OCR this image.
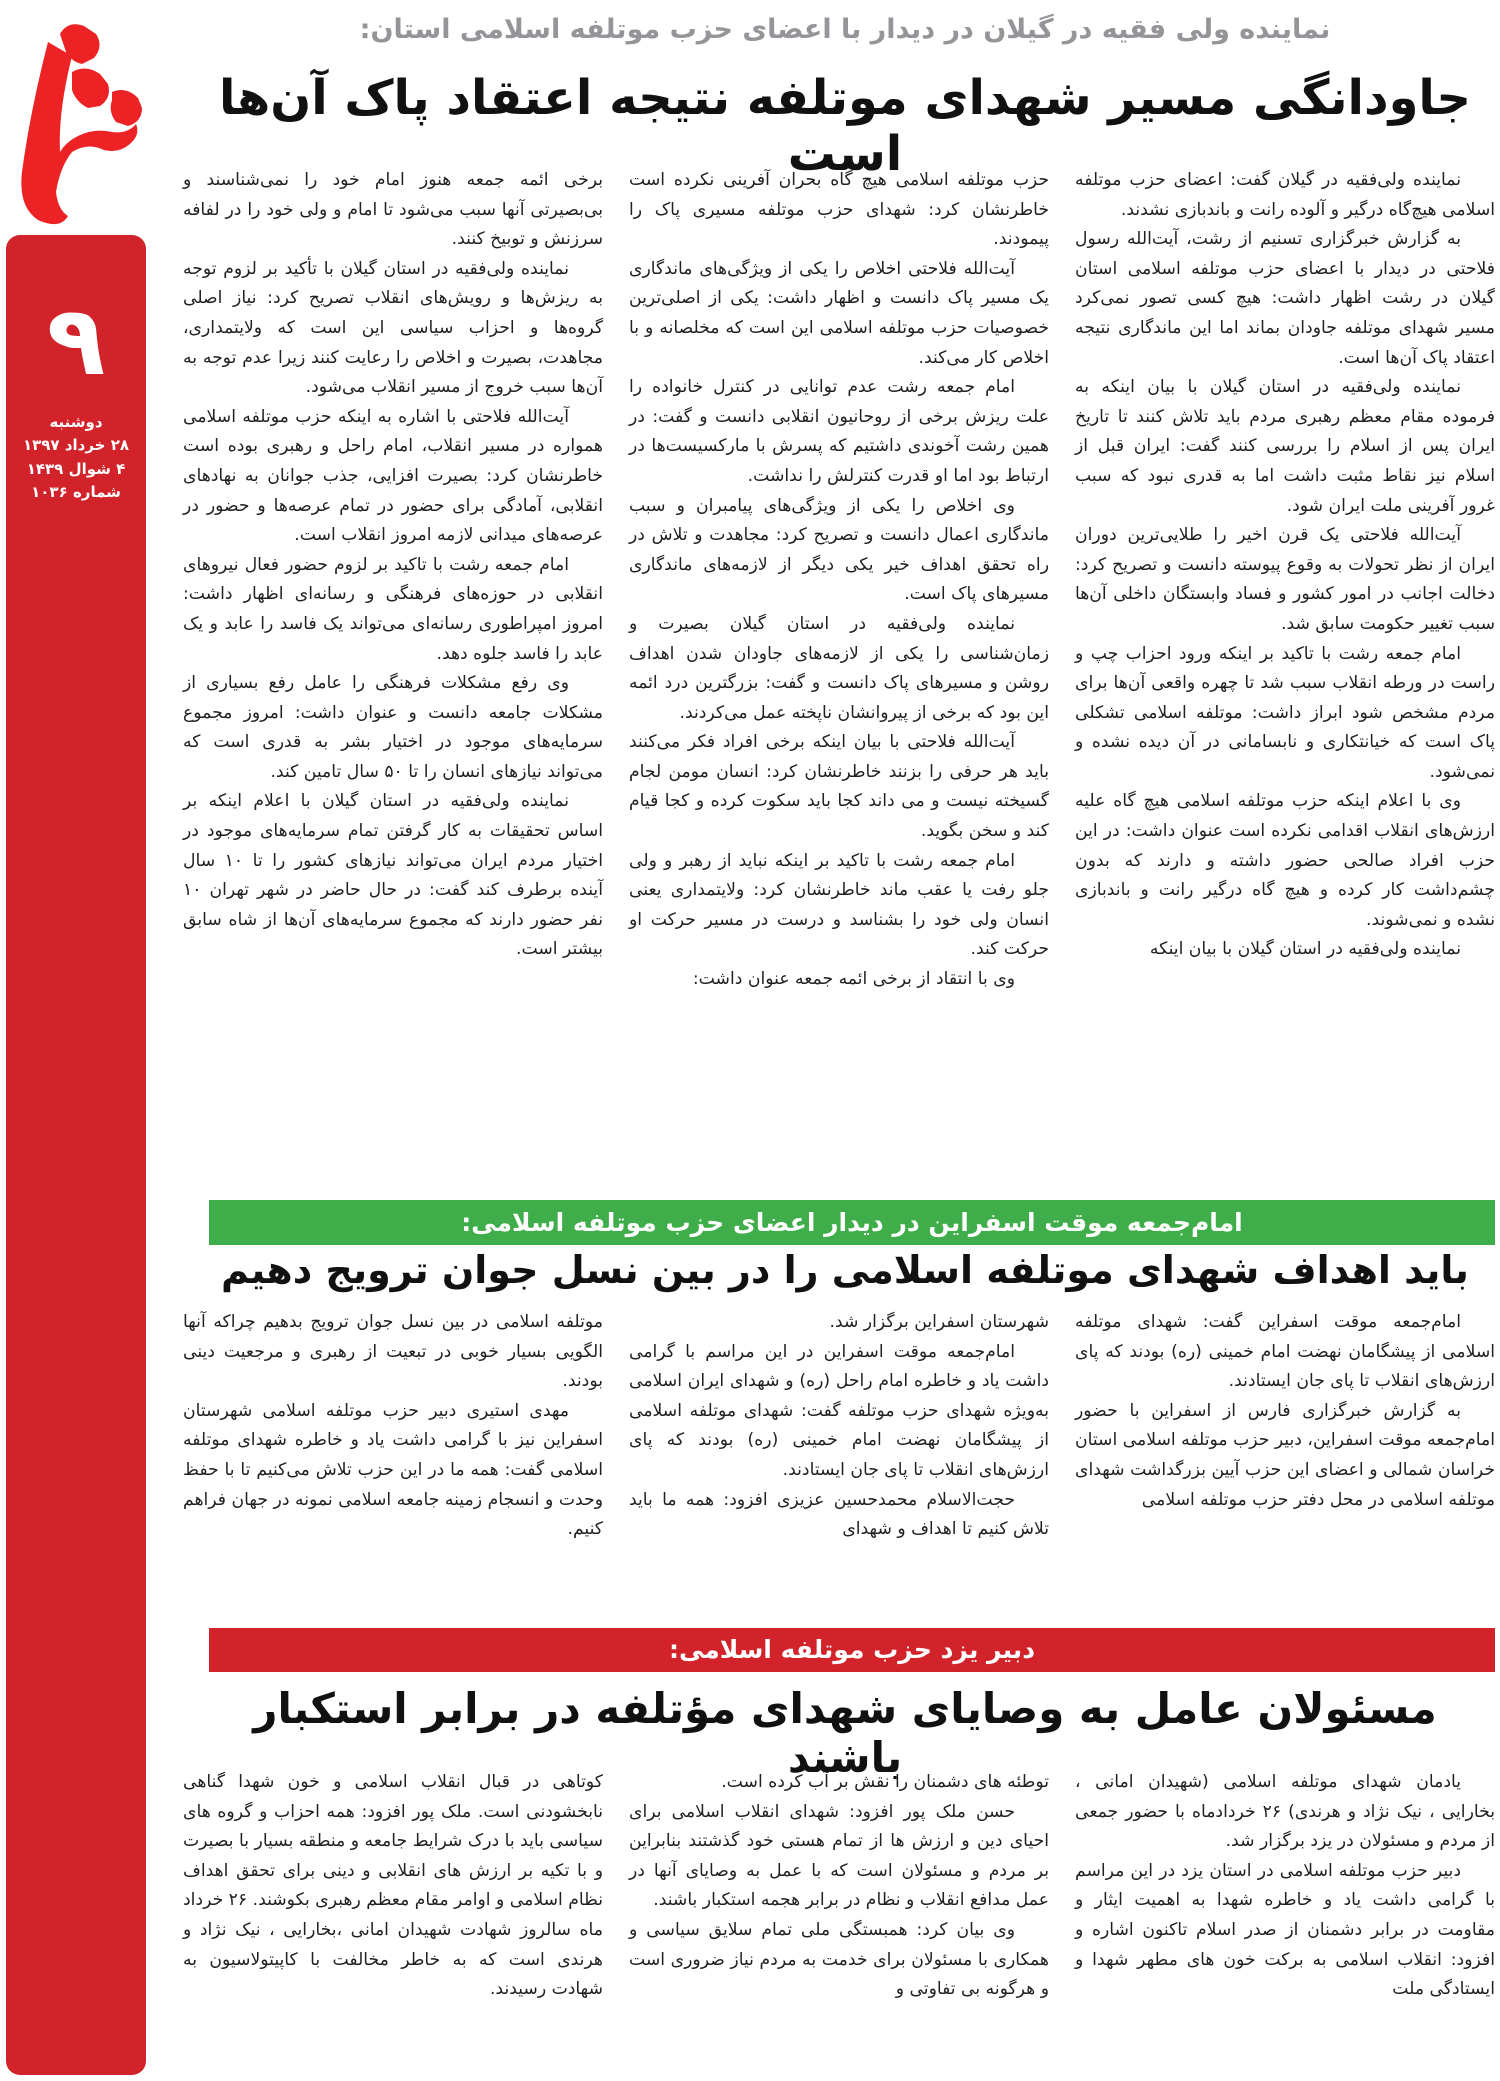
۹
دوشنبه
۲۸ خرداد ۱۳۹۷
۴ شوال ۱۴۳۹
شماره ۱۰۳۶
نماینده ولی فقیه در گیلان در دیدار با اعضای حزب موتلفه اسلامی استان:
جاودانگی مسیر شهدای موتلفه نتیجه اعتقاد پاک آن‌ها است	نماینده ولی‌فقیه در گیلان گفت: اعضای حزب موتلفه اسلامی هیچ‌گاه درگیر و آلوده رانت و باندبازی نشدند.

به گزارش خبرگزاری تسنیم از رشت، آیت‌الله رسول فلاحتی در دیدار با اعضای حزب موتلفه اسلامی استان گیلان در رشت اظهار داشت: هیچ کسی تصور نمی‌کرد مسیر شهدای موتلفه جاودان بماند اما این ماندگاری نتیجه اعتقاد پاک آن‌ها است.

نماینده ولی‌فقیه در استان گیلان با بیان اینکه به فرموده مقام معظم رهبری مردم باید تلاش کنند تا تاریخ ایران پس از اسلام را بررسی کنند گفت: ایران قبل از اسلام نیز نقاط مثبت داشت اما به قدری نبود که سبب غرور آفرینی ملت ایران شود.

آیت‌الله فلاحتی یک قرن اخیر را طلایی‌ترین دوران ایران از نظر تحولات به وقوع پیوسته دانست و تصریح کرد: دخالت اجانب در امور کشور و فساد وابستگان داخلی آن‌ها سبب تغییر حکومت سابق شد.

امام جمعه رشت با تاکید بر اینکه ورود احزاب چپ و راست در ورطه انقلاب سبب شد تا چهره واقعی آن‌ها برای مردم مشخص شود ابراز داشت: موتلفه اسلامی تشکلی پاک است که خیانتکاری و نابسامانی در آن دیده نشده و نمی‌شود.

وی با اعلام اینکه حزب موتلفه اسلامی هیچ گاه علیه ارزش‌های انقلاب اقدامی نکرده است عنوان داشت: در این حزب افراد صالحی حضور داشته و دارند که بدون چشم‌داشت کار کرده و هیچ گاه درگیر رانت و باندبازی نشده و نمی‌شوند.

نماینده ولی‌فقیه در استان گیلان با بیان اینکه

حزب موتلفه اسلامی هیچ گاه بحران آفرینی نکرده است خاطرنشان کرد: شهدای حزب موتلفه مسیری پاک را پیمودند.

آیت‌الله فلاحتی اخلاص را یکی از ویژگی‌های ماندگاری یک مسیر پاک دانست و اظهار داشت: یکی از اصلی‌ترین خصوصیات حزب موتلفه اسلامی این است که مخلصانه و با اخلاص کار می‌کند.

امام جمعه رشت عدم توانایی در کنترل خانواده را علت ریزش برخی از روحانیون انقلابی دانست و گفت: در همین رشت آخوندی داشتیم که پسرش با مارکسیست‌ها در ارتباط بود اما او قدرت کنترلش را نداشت.

وی اخلاص را یکی از ویژگی‌های پیامبران و سبب ماندگاری اعمال دانست و تصریح کرد: مجاهدت و تلاش در راه تحقق اهداف خیر یکی دیگر از لازمه‌های ماندگاری مسیرهای پاک است.

نماینده ولی‌فقیه در استان گیلان بصیرت و زمان‌شناسی را یکی از لازمه‌های جاودان شدن اهداف روشن و مسیرهای پاک دانست و گفت: بزرگترین درد ائمه این بود که برخی از پیروانشان ناپخته عمل می‌کردند.

آیت‌الله فلاحتی با بیان اینکه برخی افراد فکر می‌کنند باید هر حرفی را بزنند خاطرنشان کرد: انسان مومن لجام گسیخته نیست و می داند کجا باید سکوت کرده و کجا قیام کند و سخن بگوید.

امام جمعه رشت با تاکید بر اینکه نباید از رهبر و ولی جلو رفت یا عقب ماند خاطرنشان کرد: ولایتمداری یعنی انسان ولی خود را بشناسد و درست در مسیر حرکت او حرکت کند.

وی با انتقاد از برخی ائمه جمعه عنوان داشت:

برخی ائمه جمعه هنوز امام خود را نمی‌شناسند و بی‌بصیرتی آنها سبب می‌شود تا امام و ولی خود را در لفافه سرزنش و توبیخ کنند.

نماینده ولی‌فقیه در استان گیلان با تأکید بر لزوم توجه به ریزش‌ها و رویش‌های انقلاب تصریح کرد: نیاز اصلی گروه‌ها و احزاب سیاسی این است که ولایتمداری، مجاهدت، بصیرت و اخلاص را رعایت کنند زیرا عدم توجه به آن‌ها سبب خروج از مسیر انقلاب می‌شود.

آیت‌الله فلاحتی با اشاره به اینکه حزب موتلفه اسلامی همواره در مسیر انقلاب، امام راحل و رهبری بوده است خاطرنشان کرد: بصیرت افزایی، جذب جوانان به نهادهای انقلابی، آمادگی برای حضور در تمام عرصه‌ها و حضور در عرصه‌های میدانی لازمه امروز انقلاب است.

امام جمعه رشت با تاکید بر لزوم حضور فعال نیروهای انقلابی در حوزه‌های فرهنگی و رسانه‌ای اظهار داشت: امروز امپراطوری رسانه‌ای می‌تواند یک فاسد را عابد و یک عابد را فاسد جلوه دهد.

وی رفع مشکلات فرهنگی را عامل رفع بسیاری از مشکلات جامعه دانست و عنوان داشت: امروز مجموع سرمایه‌های موجود در اختیار بشر به قدری است که می‌تواند نیازهای انسان را تا ۵۰ سال تامین کند.

نماینده ولی‌فقیه در استان گیلان با اعلام اینکه بر اساس تحقیقات به کار گرفتن تمام سرمایه‌های موجود در اختیار مردم ایران می‌تواند نیازهای کشور را تا ۱۰ سال آینده برطرف کند گفت: در حال حاضر در شهر تهران ۱۰ نفر حضور دارند که مجموع سرمایه‌های آن‌ها از شاه سابق بیشتر است.

امام‌جمعه موقت اسفراین در دیدار اعضای حزب موتلفه اسلامی:
باید اهداف شهدای موتلفه اسلامی را در بین نسل جوان ترویج دهیم

امام‌جمعه موقت اسفراین گفت: شهدای موتلفه اسلامی از پیشگامان نهضت امام خمینی (ره) بودند که پای ارزش‌های انقلاب تا پای جان ایستادند.

به گزارش خبرگزاری فارس از اسفراین با حضور امام‌جمعه موقت اسفراین، دبیر حزب موتلفه اسلامی استان خراسان شمالی و اعضای این حزب آیین بزرگداشت شهدای موتلفه اسلامی در محل دفتر حزب موتلفه اسلامی

شهرستان اسفراین برگزار شد.

امام‌جمعه موقت اسفراین در این مراسم با گرامی داشت یاد و خاطره امام راحل (ره) و شهدای ایران اسلامی به‌ویژه شهدای حزب موتلفه گفت: شهدای موتلفه اسلامی از پیشگامان نهضت امام خمینی (ره) بودند که پای ارزش‌های انقلاب تا پای جان ایستادند.

حجت‌الاسلام محمدحسین عزیزی افزود: همه ما باید تلاش کنیم تا اهداف و شهدای

موتلفه اسلامی در بین نسل جوان ترویج بدهیم چراکه آنها الگویی بسیار خوبی در تبعیت از رهبری و مرجعیت دینی بودند.

مهدی استیری دبیر حزب موتلفه اسلامی شهرستان اسفراین نیز با گرامی داشت یاد و خاطره شهدای موتلفه اسلامی گفت: همه ما در این حزب تلاش می‌کنیم تا با حفظ وحدت و انسجام زمینه جامعه اسلامی نمونه در جهان فراهم کنیم.

دبیر یزد حزب موتلفه اسلامی:
مسئولان عامل به وصایای شهدای مؤتلفه در برابر استکبار باشند	یادمان شهدای موتلفه اسلامی (شهیدان امانی ، بخارایی ، نیک نژاد و هرندی) ۲۶ خردادماه با حضور جمعی از مردم و مسئولان در یزد برگزار شد.

دبیر حزب موتلفه اسلامی در استان یزد در این مراسم با گرامی داشت یاد و خاطره شهدا به اهمیت ایثار و مقاومت در برابر دشمنان از صدر اسلام تاکنون اشاره و افزود: انقلاب اسلامی به برکت خون های مطهر شهدا و ایستادگی ملت

توطئه های دشمنان را نقش بر آب کرده است.

حسن ملک پور افزود: شهدای انقلاب اسلامی برای احیای دین و ارزش ها از تمام هستی خود گذشتند بنابراین بر مردم و مسئولان است که با عمل به وصایای آنها در عمل مدافع انقلاب و نظام در برابر هجمه استکبار باشند.

وی بیان کرد: همبستگی ملی تمام سلایق سیاسی و همکاری با مسئولان برای خدمت به مردم نیاز ضروری است و هرگونه بی تفاوتی و

کوتاهی در قبال انقلاب اسلامی و خون شهدا گناهی نابخشودنی است. ملک پور افزود: همه احزاب و گروه های سیاسی باید با درک شرایط جامعه و منطقه بسیار با بصیرت و با تکیه بر ارزش های انقلابی و دینی برای تحقق اهداف نظام اسلامی و اوامر مقام معظم رهبری بکوشند. ۲۶ خرداد ماه سالروز شهادت شهیدان امانی ،بخارایی ، نیک نژاد و هرندی است که به خاطر مخالفت با کاپیتولاسیون به شهادت رسیدند.
